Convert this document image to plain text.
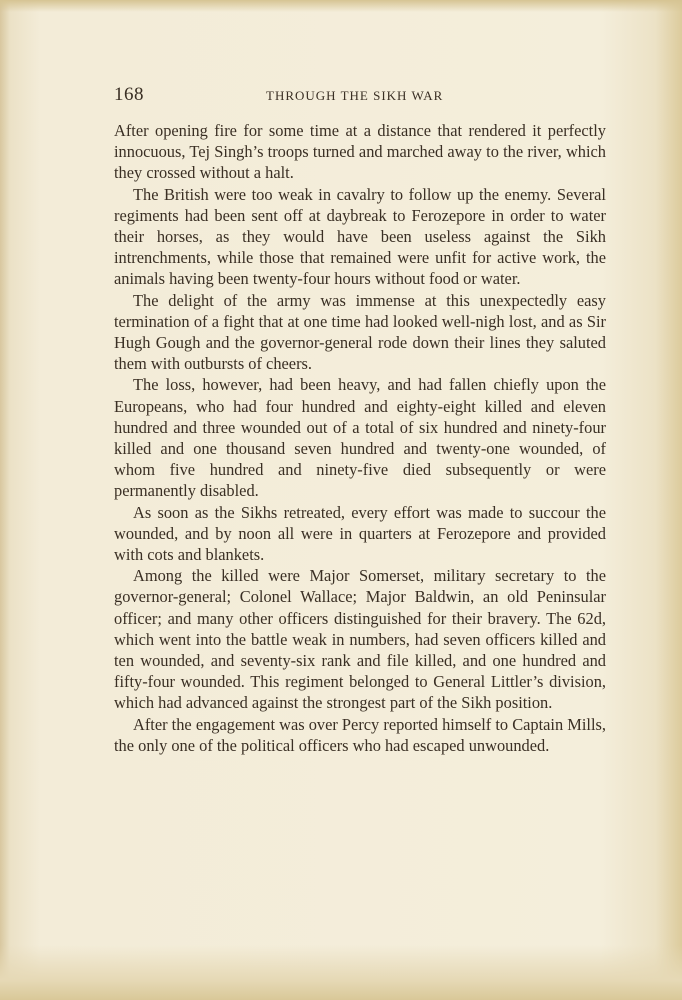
168	THROUGH THE SIKH WAR

After opening fire for some time at a distance that rendered it perfectly innocuous, Tej Singh’s troops turned and marched away to the river, which they crossed without a halt.

The British were too weak in cavalry to follow up the enemy. Several regiments had been sent off at daybreak to Ferozepore in order to water their horses, as they would have been useless against the Sikh intrenchments, while those that remained were unfit for active work, the animals having been twenty-four hours without food or water.

The delight of the army was immense at this unexpectedly easy termination of a fight that at one time had looked well-nigh lost, and as Sir Hugh Gough and the governor-general rode down their lines they saluted them with outbursts of cheers.

The loss, however, had been heavy, and had fallen chiefly upon the Europeans, who had four hundred and eighty-eight killed and eleven hundred and three wounded out of a total of six hundred and ninety-four killed and one thousand seven hundred and twenty-one wounded, of whom five hundred and ninety-five died subsequently or were permanently disabled.

As soon as the Sikhs retreated, every effort was made to succour the wounded, and by noon all were in quarters at Ferozepore and provided with cots and blankets.

Among the killed were Major Somerset, military secretary to the governor-general; Colonel Wallace; Major Baldwin, an old Peninsular officer; and many other officers distinguished for their bravery. The 62d, which went into the battle weak in numbers, had seven officers killed and ten wounded, and seventy-six rank and file killed, and one hundred and fifty-four wounded. This regiment belonged to General Littler’s division, which had advanced against the strongest part of the Sikh position.

After the engagement was over Percy reported himself to Captain Mills, the only one of the political officers who had escaped unwounded.
